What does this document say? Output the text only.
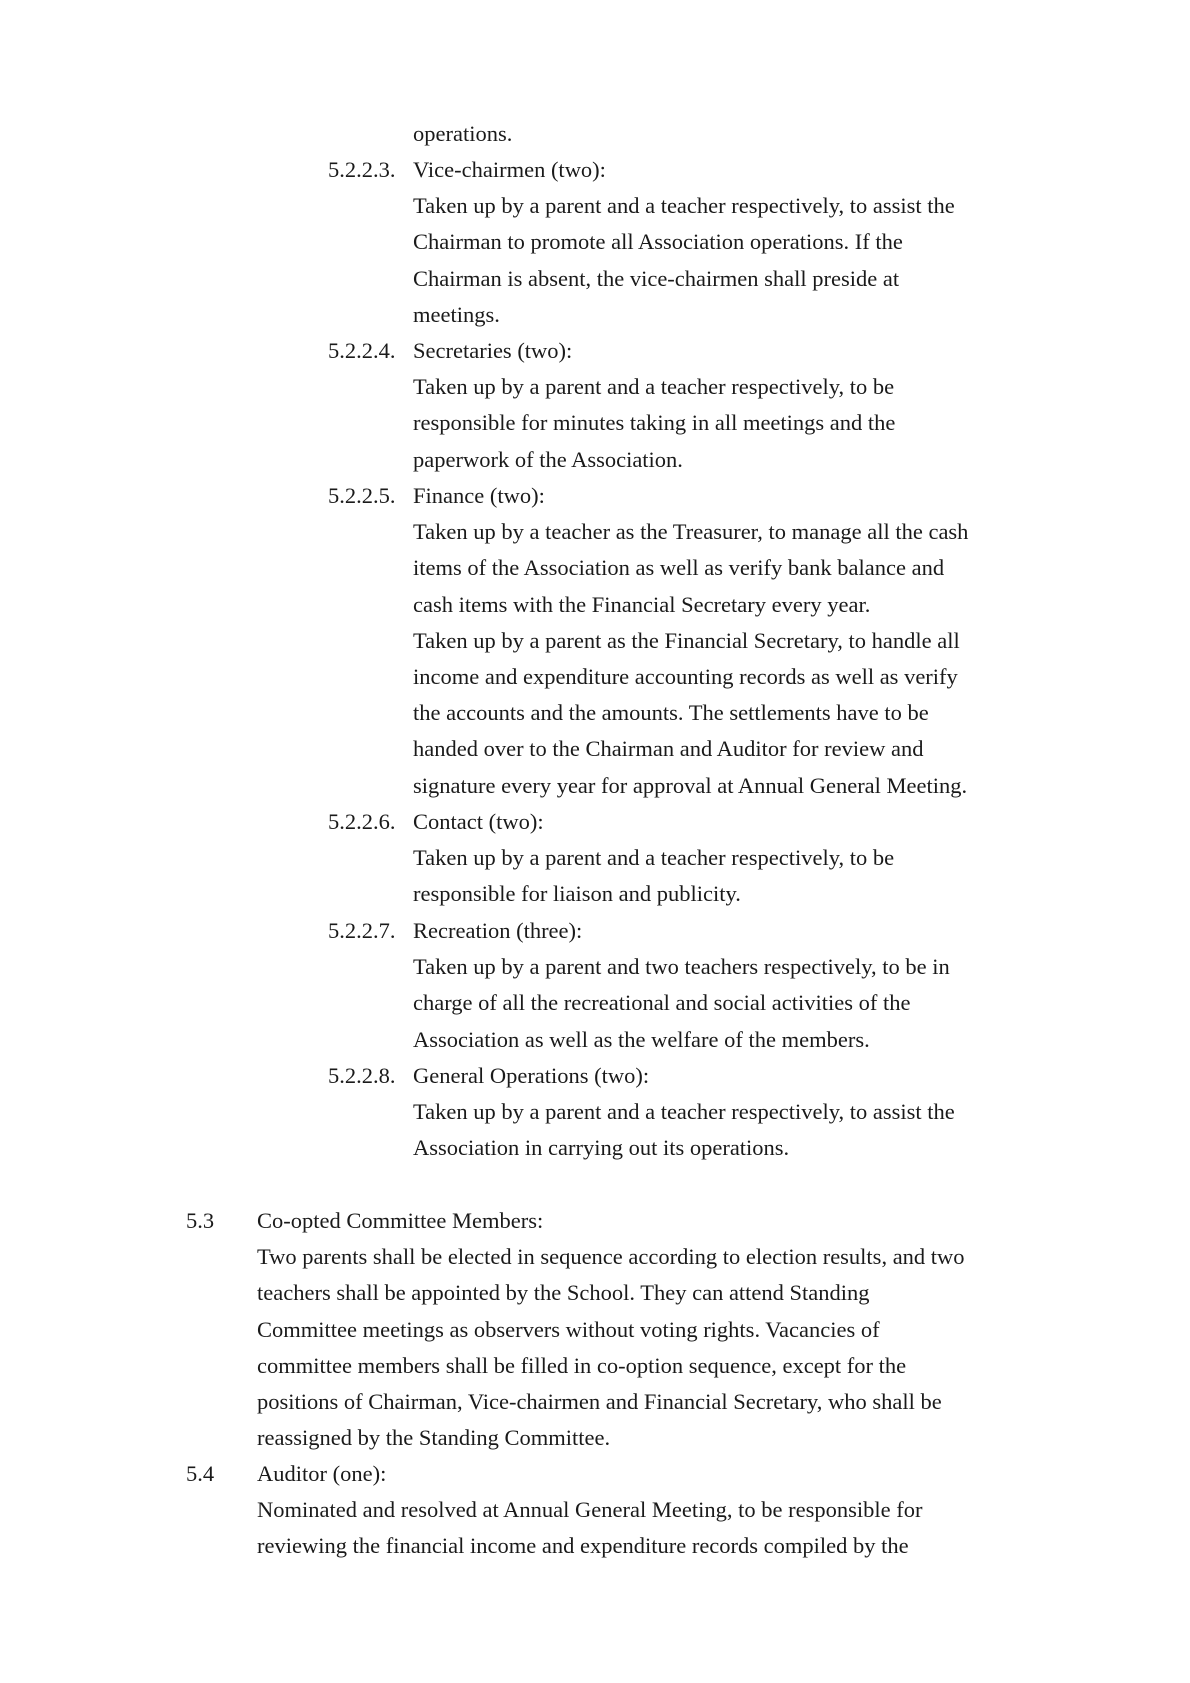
operations.
5.2.2.3. Vice-chairmen (two):
Taken up by a parent and a teacher respectively, to assist the
Chairman to promote all Association operations. If the
Chairman is absent, the vice-chairmen shall preside at
meetings.
5.2.2.4. Secretaries (two):
Taken up by a parent and a teacher respectively, to be
responsible for minutes taking in all meetings and the
paperwork of the Association.
5.2.2.5. Finance (two):
Taken up by a teacher as the Treasurer, to manage all the cash
items of the Association as well as verify bank balance and
cash items with the Financial Secretary every year.
Taken up by a parent as the Financial Secretary, to handle all
income and expenditure accounting records as well as verify
the accounts and the amounts. The settlements have to be
handed over to the Chairman and Auditor for review and
signature every year for approval at Annual General Meeting.
5.2.2.6. Contact (two):
Taken up by a parent and a teacher respectively, to be
responsible for liaison and publicity.
5.2.2.7. Recreation (three):
Taken up by a parent and two teachers respectively, to be in
charge of all the recreational and social activities of the
Association as well as the welfare of the members.
5.2.2.8. General Operations (two):
Taken up by a parent and a teacher respectively, to assist the
Association in carrying out its operations.
5.3 Co-opted Committee Members:
Two parents shall be elected in sequence according to election results, and two
teachers shall be appointed by the School. They can attend Standing
Committee meetings as observers without voting rights. Vacancies of
committee members shall be filled in co-option sequence, except for the
positions of Chairman, Vice-chairmen and Financial Secretary, who shall be
reassigned by the Standing Committee.
5.4 Auditor (one):
Nominated and resolved at Annual General Meeting, to be responsible for
reviewing the financial income and expenditure records compiled by the
